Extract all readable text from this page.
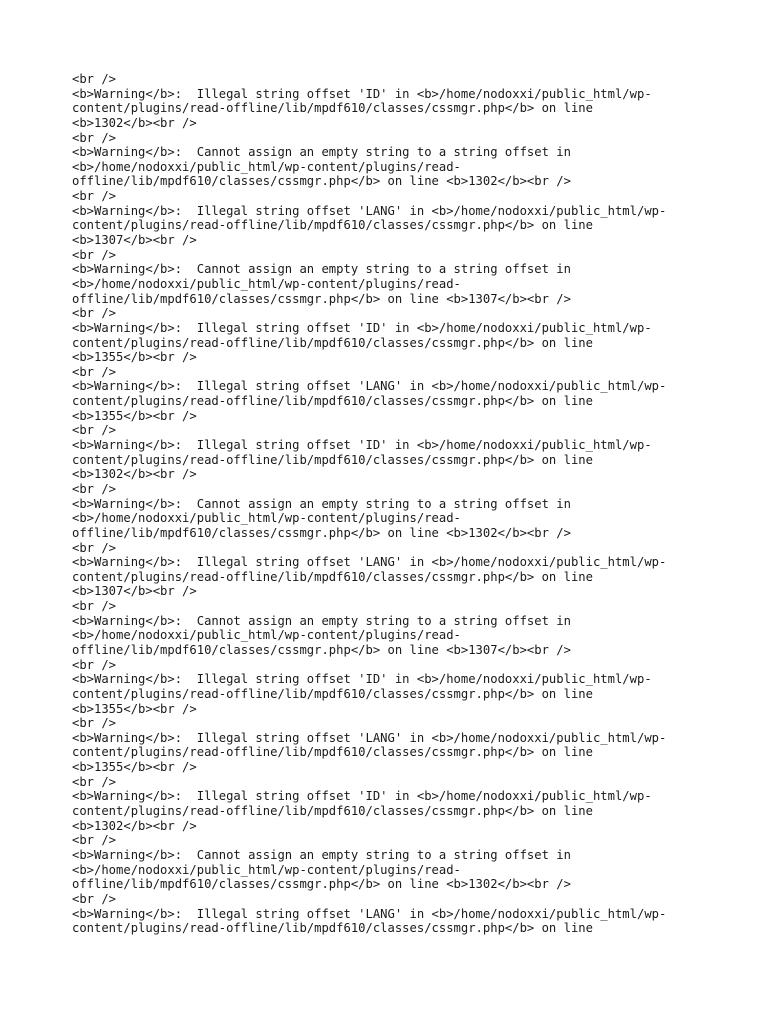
<br />
<b>Warning</b>:  Illegal string offset 'ID' in <b>/home/nodoxxi/public_html/wp-
content/plugins/read-offline/lib/mpdf610/classes/cssmgr.php</b> on line
<b>1302</b><br />
<br />
<b>Warning</b>:  Cannot assign an empty string to a string offset in
<b>/home/nodoxxi/public_html/wp-content/plugins/read-
offline/lib/mpdf610/classes/cssmgr.php</b> on line <b>1302</b><br />
<br />
<b>Warning</b>:  Illegal string offset 'LANG' in <b>/home/nodoxxi/public_html/wp-
content/plugins/read-offline/lib/mpdf610/classes/cssmgr.php</b> on line
<b>1307</b><br />
<br />
<b>Warning</b>:  Cannot assign an empty string to a string offset in
<b>/home/nodoxxi/public_html/wp-content/plugins/read-
offline/lib/mpdf610/classes/cssmgr.php</b> on line <b>1307</b><br />
<br />
<b>Warning</b>:  Illegal string offset 'ID' in <b>/home/nodoxxi/public_html/wp-
content/plugins/read-offline/lib/mpdf610/classes/cssmgr.php</b> on line
<b>1355</b><br />
<br />
<b>Warning</b>:  Illegal string offset 'LANG' in <b>/home/nodoxxi/public_html/wp-
content/plugins/read-offline/lib/mpdf610/classes/cssmgr.php</b> on line
<b>1355</b><br />
<br />
<b>Warning</b>:  Illegal string offset 'ID' in <b>/home/nodoxxi/public_html/wp-
content/plugins/read-offline/lib/mpdf610/classes/cssmgr.php</b> on line
<b>1302</b><br />
<br />
<b>Warning</b>:  Cannot assign an empty string to a string offset in
<b>/home/nodoxxi/public_html/wp-content/plugins/read-
offline/lib/mpdf610/classes/cssmgr.php</b> on line <b>1302</b><br />
<br />
<b>Warning</b>:  Illegal string offset 'LANG' in <b>/home/nodoxxi/public_html/wp-
content/plugins/read-offline/lib/mpdf610/classes/cssmgr.php</b> on line
<b>1307</b><br />
<br />
<b>Warning</b>:  Cannot assign an empty string to a string offset in
<b>/home/nodoxxi/public_html/wp-content/plugins/read-
offline/lib/mpdf610/classes/cssmgr.php</b> on line <b>1307</b><br />
<br />
<b>Warning</b>:  Illegal string offset 'ID' in <b>/home/nodoxxi/public_html/wp-
content/plugins/read-offline/lib/mpdf610/classes/cssmgr.php</b> on line
<b>1355</b><br />
<br />
<b>Warning</b>:  Illegal string offset 'LANG' in <b>/home/nodoxxi/public_html/wp-
content/plugins/read-offline/lib/mpdf610/classes/cssmgr.php</b> on line
<b>1355</b><br />
<br />
<b>Warning</b>:  Illegal string offset 'ID' in <b>/home/nodoxxi/public_html/wp-
content/plugins/read-offline/lib/mpdf610/classes/cssmgr.php</b> on line
<b>1302</b><br />
<br />
<b>Warning</b>:  Cannot assign an empty string to a string offset in
<b>/home/nodoxxi/public_html/wp-content/plugins/read-
offline/lib/mpdf610/classes/cssmgr.php</b> on line <b>1302</b><br />
<br />
<b>Warning</b>:  Illegal string offset 'LANG' in <b>/home/nodoxxi/public_html/wp-
content/plugins/read-offline/lib/mpdf610/classes/cssmgr.php</b> on line
